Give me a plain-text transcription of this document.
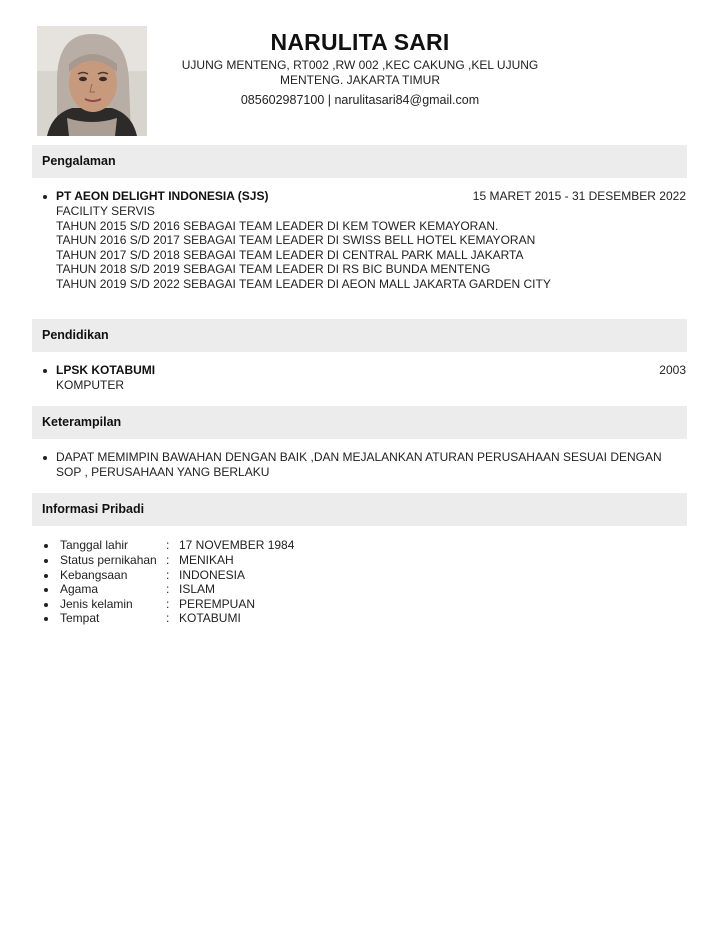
NARULITA SARI
UJUNG MENTENG, RT002 ,RW 002 ,KEC CAKUNG ,KEL UJUNG MENTENG. JAKARTA TIMUR
085602987100 | narulitasari84@gmail.com
Pengalaman
PT AEON DELIGHT INDONESIA (SJS)	15 MARET 2015 - 31 DESEMBER 2022
FACILITY SERVIS
TAHUN 2015 S/D 2016 SEBAGAI TEAM LEADER DI KEM TOWER KEMAYORAN.
TAHUN 2016 S/D 2017 SEBAGAI TEAM LEADER DI SWISS BELL HOTEL KEMAYORAN
TAHUN 2017 S/D 2018 SEBAGAI TEAM LEADER DI CENTRAL PARK MALL JAKARTA
TAHUN 2018 S/D 2019 SEBAGAI TEAM LEADER DI RS BIC BUNDA MENTENG
TAHUN 2019 S/D 2022 SEBAGAI TEAM LEADER DI AEON MALL JAKARTA GARDEN CITY
Pendidikan
LPSK KOTABUMI	2003
KOMPUTER
Keterampilan
DAPAT MEMIMPIN BAWAHAN DENGAN BAIK ,DAN MEJALANKAN ATURAN PERUSAHAAN SESUAI DENGAN
SOP , PERUSAHAAN YANG BERLAKU
Informasi Pribadi
Tanggal lahir	: 17 NOVEMBER 1984
Status pernikahan : MENIKAH
Kebangsaan	: INDONESIA
Agama	: ISLAM
Jenis kelamin	: PEREMPUAN
Tempat	: KOTABUMI
